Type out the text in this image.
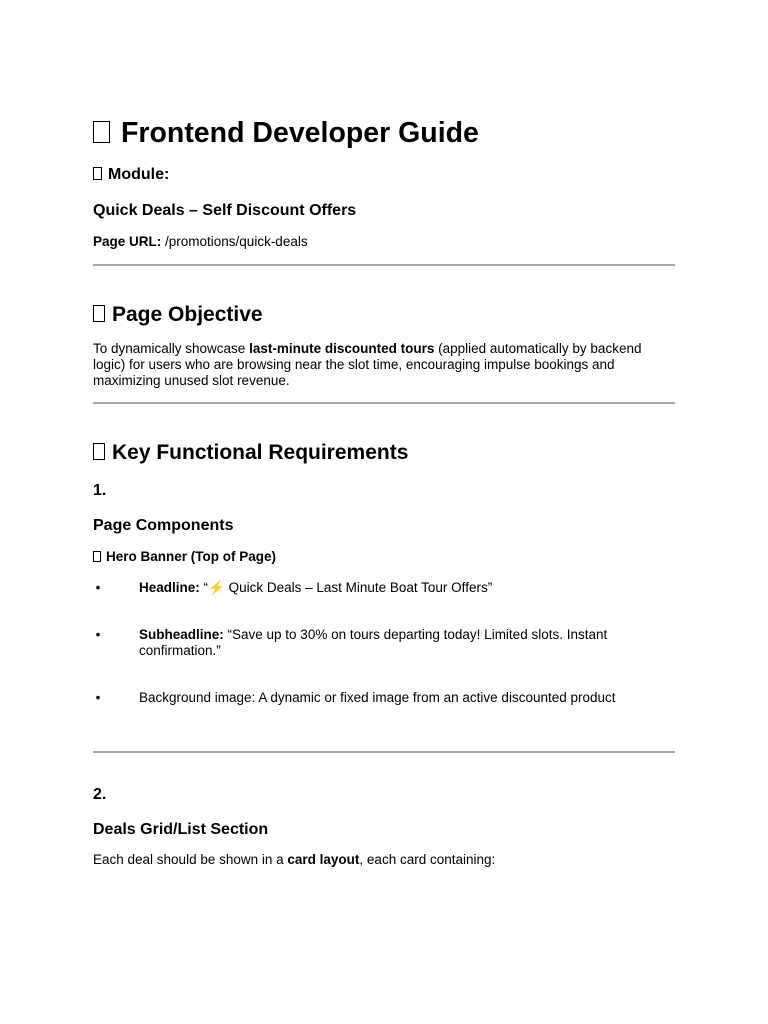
Frontend Developer Guide
Module:
Quick Deals – Self Discount Offers
Page URL: /promotions/quick-deals
Page Objective
To dynamically showcase last-minute discounted tours (applied automatically by backend logic) for users who are browsing near the slot time, encouraging impulse bookings and maximizing unused slot revenue.
Key Functional Requirements
1.
Page Components
Hero Banner (Top of Page)
•	Headline: “⚡ Quick Deals – Last Minute Boat Tour Offers”
•	Subheadline: “Save up to 30% on tours departing today! Limited slots. Instant confirmation.”
•	Background image: A dynamic or fixed image from an active discounted product
2.
Deals Grid/List Section
Each deal should be shown in a card layout, each card containing:
